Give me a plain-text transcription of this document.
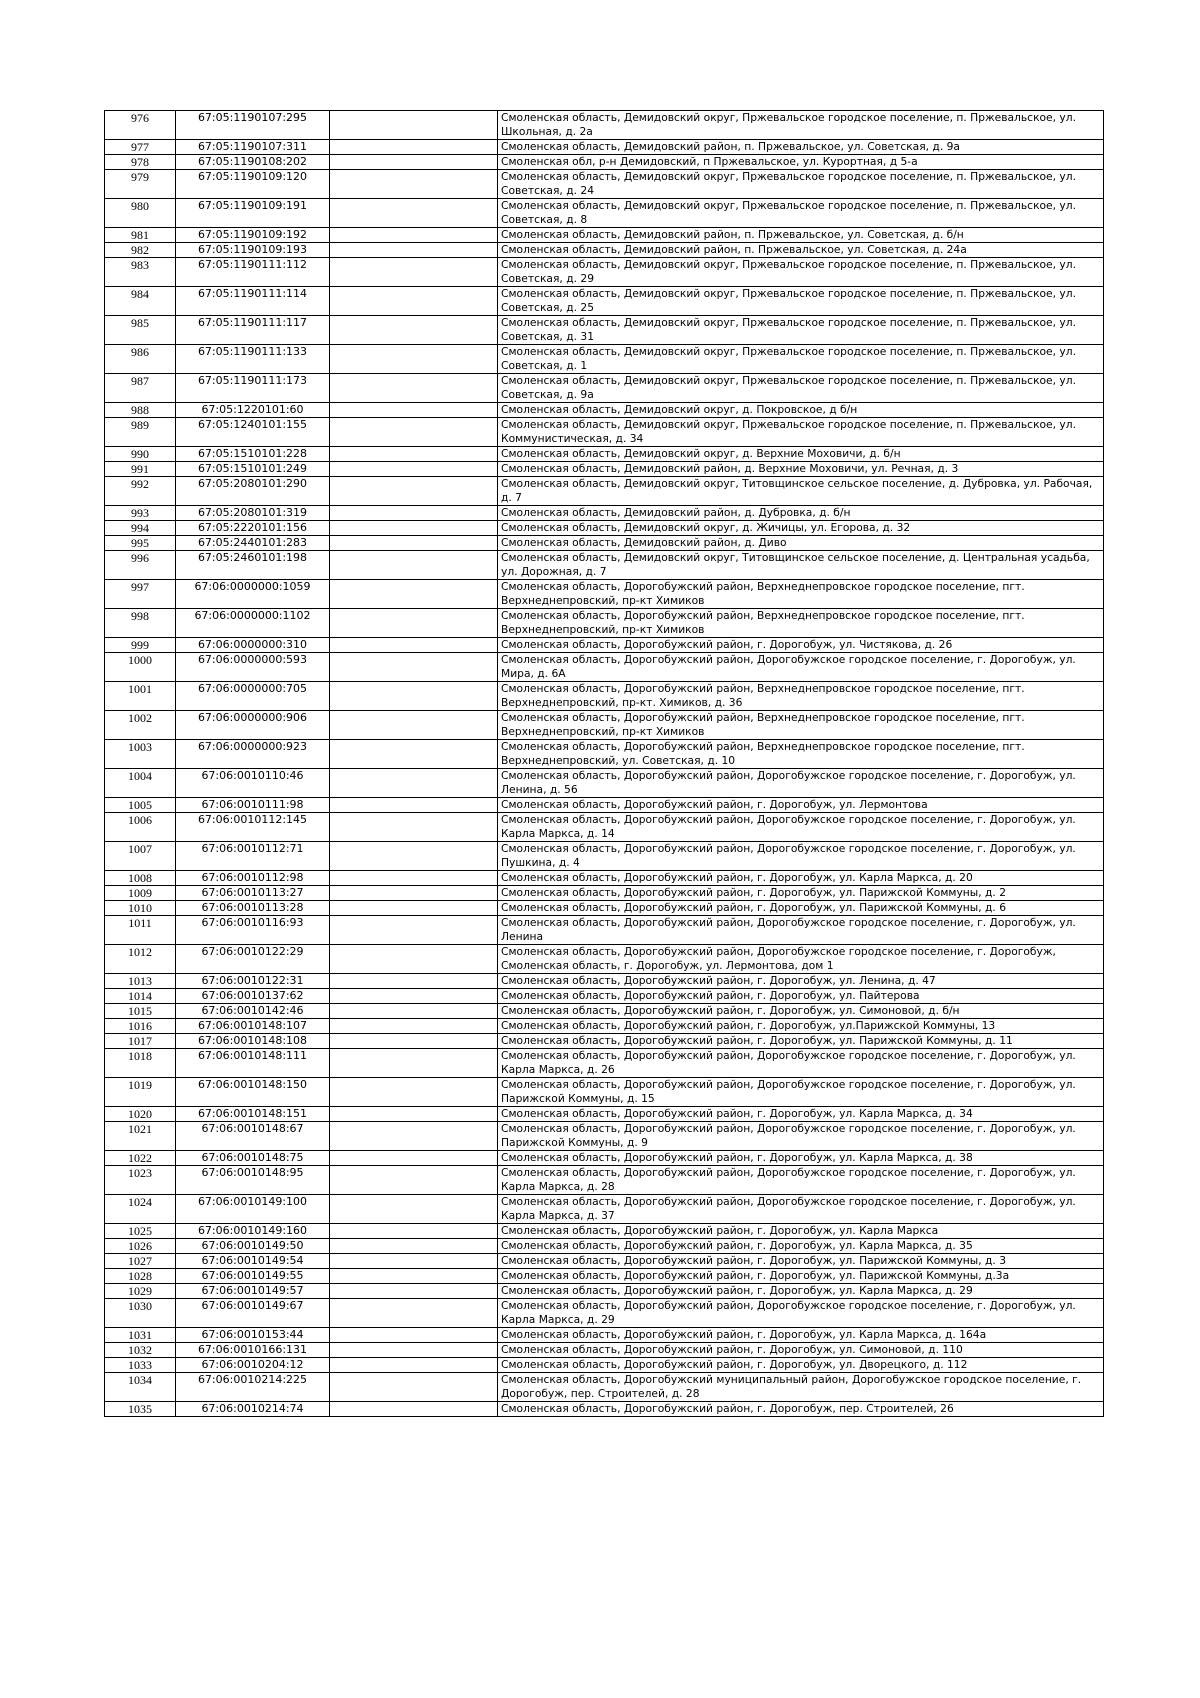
976	67:05:1190107:295		Смоленская область, Демидовский округ, Пржевальское городское поселение, п. Пржевальское, ул. Школьная, д. 2а
977	67:05:1190107:311		Смоленская область, Демидовский район, п. Пржевальское, ул. Советская, д. 9а
978	67:05:1190108:202		Смоленская обл, р-н Демидовский, п Пржевальское, ул. Курортная, д 5-а
979	67:05:1190109:120		Смоленская область, Демидовский округ, Пржевальское городское поселение, п. Пржевальское, ул. Советская, д. 24
980	67:05:1190109:191		Смоленская область, Демидовский округ, Пржевальское городское поселение, п. Пржевальское, ул. Советская, д. 8
981	67:05:1190109:192		Смоленская область, Демидовский район, п. Пржевальское, ул. Советская, д. б/н
982	67:05:1190109:193		Смоленская область, Демидовский район, п. Пржевальское, ул. Советская, д. 24а
983	67:05:1190111:112		Смоленская область, Демидовский округ, Пржевальское городское поселение, п. Пржевальское, ул. Советская, д. 29
984	67:05:1190111:114		Смоленская область, Демидовский округ, Пржевальское городское поселение, п. Пржевальское, ул. Советская, д. 25
985	67:05:1190111:117		Смоленская область, Демидовский округ, Пржевальское городское поселение, п. Пржевальское, ул. Советская, д. 31
986	67:05:1190111:133		Смоленская область, Демидовский округ, Пржевальское городское поселение, п. Пржевальское, ул. Советская, д. 1
987	67:05:1190111:173		Смоленская область, Демидовский округ, Пржевальское городское поселение, п. Пржевальское, ул. Советская, д. 9а
988	67:05:1220101:60		Смоленская область, Демидовский округ, д. Покровское, д б/н
989	67:05:1240101:155		Смоленская область, Демидовский округ, Пржевальское городское поселение, п. Пржевальское, ул. Коммунистическая, д. 34
990	67:05:1510101:228		Смоленская область, Демидовский округ, д. Верхние Моховичи, д. б/н
991	67:05:1510101:249		Смоленская область, Демидовский район, д. Верхние Моховичи, ул. Речная, д. 3
992	67:05:2080101:290		Смоленская область, Демидовский округ, Титовщинское сельское поселение, д. Дубровка, ул. Рабочая, д. 7
993	67:05:2080101:319		Смоленская область, Демидовский район, д. Дубровка, д. б/н
994	67:05:2220101:156		Смоленская область, Демидовский округ, д. Жичицы, ул. Егорова, д. 32
995	67:05:2440101:283		Смоленская область, Демидовский район, д. Диво
996	67:05:2460101:198		Смоленская область, Демидовский округ, Титовщинское сельское поселение, д. Центральная усадьба, ул. Дорожная, д. 7
997	67:06:0000000:1059		Смоленская область, Дорогобужский район, Верхнеднепровское городское поселение, пгт. Верхнеднепровский, пр-кт Химиков
998	67:06:0000000:1102		Смоленская область, Дорогобужский район, Верхнеднепровское городское поселение, пгт. Верхнеднепровский, пр-кт Химиков
999	67:06:0000000:310		Смоленская область, Дорогобужский район, г. Дорогобуж, ул. Чистякова, д. 26
1000	67:06:0000000:593		Смоленская область, Дорогобужский район, Дорогобужское городское поселение, г. Дорогобуж, ул. Мира, д. 6А
1001	67:06:0000000:705		Смоленская область, Дорогобужский район, Верхнеднепровское городское поселение, пгт. Верхнеднепровский, пр-кт. Химиков, д. 36
1002	67:06:0000000:906		Смоленская область, Дорогобужский район, Верхнеднепровское городское поселение, пгт. Верхнеднепровский, пр-кт Химиков
1003	67:06:0000000:923		Смоленская область, Дорогобужский район, Верхнеднепровское городское поселение, пгт. Верхнеднепровский, ул. Советская, д. 10
1004	67:06:0010110:46		Смоленская область, Дорогобужский район, Дорогобужское городское поселение, г. Дорогобуж, ул. Ленина, д. 56
1005	67:06:0010111:98		Смоленская область, Дорогобужский район, г. Дорогобуж, ул. Лермонтова
1006	67:06:0010112:145		Смоленская область, Дорогобужский район, Дорогобужское городское поселение, г. Дорогобуж, ул. Карла Маркса, д. 14
1007	67:06:0010112:71		Смоленская область, Дорогобужский район, Дорогобужское городское поселение, г. Дорогобуж, ул. Пушкина, д. 4
1008	67:06:0010112:98		Смоленская область, Дорогобужский район, г. Дорогобуж, ул. Карла Маркса, д. 20
1009	67:06:0010113:27		Смоленская область, Дорогобужский район, г. Дорогобуж, ул. Парижской Коммуны, д. 2
1010	67:06:0010113:28		Смоленская область, Дорогобужский район, г. Дорогобуж, ул. Парижской Коммуны, д. 6
1011	67:06:0010116:93		Смоленская область, Дорогобужский район, Дорогобужское городское поселение, г. Дорогобуж, ул. Ленина
1012	67:06:0010122:29		Смоленская область, Дорогобужский район, Дорогобужское городское поселение, г. Дорогобуж, Смоленская область, г. Дорогобуж, ул. Лермонтова, дом 1
1013	67:06:0010122:31		Смоленская область, Дорогобужский район, г. Дорогобуж, ул. Ленина, д. 47
1014	67:06:0010137:62		Смоленская область, Дорогобужский район, г. Дорогобуж, ул. Пайтерова
1015	67:06:0010142:46		Смоленская область, Дорогобужский район, г. Дорогобуж, ул. Симоновой, д. б/н
1016	67:06:0010148:107		Смоленская область, Дорогобужский район, г. Дорогобуж, ул.Парижской Коммуны, 13
1017	67:06:0010148:108		Смоленская область, Дорогобужский район, г. Дорогобуж, ул. Парижской Коммуны, д. 11
1018	67:06:0010148:111		Смоленская область, Дорогобужский район, Дорогобужское городское поселение, г. Дорогобуж, ул. Карла Маркса, д. 26
1019	67:06:0010148:150		Смоленская область, Дорогобужский район, Дорогобужское городское поселение, г. Дорогобуж, ул. Парижской Коммуны, д. 15
1020	67:06:0010148:151		Смоленская область, Дорогобужский район, г. Дорогобуж, ул. Карла Маркса, д. 34
1021	67:06:0010148:67		Смоленская область, Дорогобужский район, Дорогобужское городское поселение, г. Дорогобуж, ул. Парижской Коммуны, д. 9
1022	67:06:0010148:75		Смоленская область, Дорогобужский район, г. Дорогобуж, ул. Карла Маркса, д. 38
1023	67:06:0010148:95		Смоленская область, Дорогобужский район, Дорогобужское городское поселение, г. Дорогобуж, ул. Карла Маркса, д. 28
1024	67:06:0010149:100		Смоленская область, Дорогобужский район, Дорогобужское городское поселение, г. Дорогобуж, ул. Карла Маркса, д. 37
1025	67:06:0010149:160		Смоленская область, Дорогобужский район, г. Дорогобуж, ул. Карла Маркса
1026	67:06:0010149:50		Смоленская область, Дорогобужский район, г. Дорогобуж, ул. Карла Маркса, д. 35
1027	67:06:0010149:54		Смоленская область, Дорогобужский район, г. Дорогобуж, ул. Парижской Коммуны, д. 3
1028	67:06:0010149:55		Смоленская область, Дорогобужский район, г. Дорогобуж, ул. Парижской Коммуны, д.3а
1029	67:06:0010149:57		Смоленская область, Дорогобужский район, г. Дорогобуж, ул. Карла Маркса, д. 29
1030	67:06:0010149:67		Смоленская область, Дорогобужский район, Дорогобужское городское поселение, г. Дорогобуж, ул. Карла Маркса, д. 29
1031	67:06:0010153:44		Смоленская область, Дорогобужский район, г. Дорогобуж, ул. Карла Маркса, д. 164а
1032	67:06:0010166:131		Смоленская область, Дорогобужский район, г. Дорогобуж, ул. Симоновой, д. 110
1033	67:06:0010204:12		Смоленская область, Дорогобужский район, г. Дорогобуж, ул. Дворецкого, д. 112
1034	67:06:0010214:225		Смоленская область, Дорогобужский муниципальный район, Дорогобужское городское поселение, г. Дорогобуж, пер. Строителей, д. 28
1035	67:06:0010214:74		Смоленская область, Дорогобужский район, г. Дорогобуж, пер. Строителей, 26
